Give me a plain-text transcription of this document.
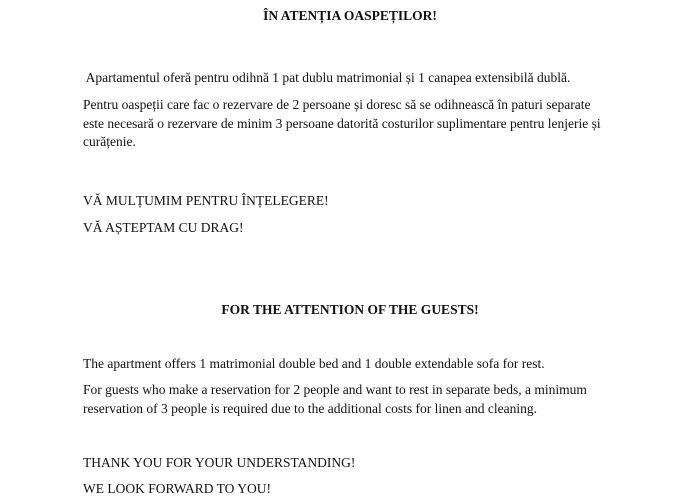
ÎN ATENȚIA OASPEȚILOR!

Apartamentul oferă pentru odihnă 1 pat dublu matrimonial și 1 canapea extensibilă dublă.

Pentru oaspeții care fac o rezervare de 2 persoane și doresc să se odihnească în paturi separate este necesară o rezervare de minim 3 persoane datorită costurilor suplimentare pentru lenjerie și curățenie.

VĂ MULȚUMIM PENTRU ÎNȚELEGERE!

VĂ AȘTEPTAM CU DRAG!

FOR THE ATTENTION OF THE GUESTS!

The apartment offers 1 matrimonial double bed and 1 double extendable sofa for rest.

For guests who make a reservation for 2 people and want to rest in separate beds, a minimum reservation of 3 people is required due to the additional costs for linen and cleaning.

THANK YOU FOR YOUR UNDERSTANDING!

WE LOOK FORWARD TO YOU!
